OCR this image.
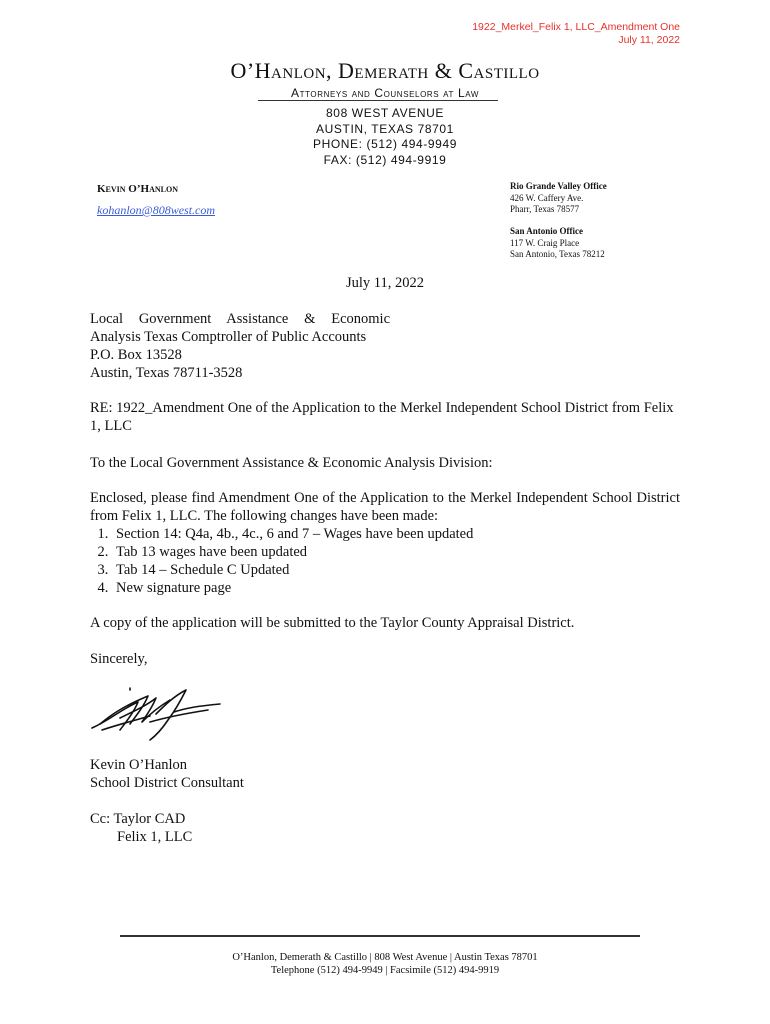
1922_Merkel_Felix 1, LLC_Amendment One
July 11, 2022
O’Hanlon, Demerath & Castillo
Attorneys and Counselors at Law
808 WEST AVENUE
AUSTIN, TEXAS 78701
PHONE: (512) 494-9949
FAX: (512) 494-9919
Kevin O’Hanlon
kohanlon@808west.com
Rio Grande Valley Office
426 W. Caffery Ave.
Pharr, Texas 78577
San Antonio Office
117 W. Craig Place
San Antonio, Texas 78212
July 11, 2022
Local Government Assistance & Economic
Analysis Texas Comptroller of Public Accounts
P.O. Box 13528
Austin, Texas 78711-3528
RE: 1922_Amendment One of the Application to the Merkel Independent School District from Felix 1, LLC
To the Local Government Assistance & Economic Analysis Division:
Enclosed, please find Amendment One of the Application to the Merkel Independent School District from Felix 1, LLC. The following changes have been made:
1. Section 14: Q4a, 4b., 4c., 6 and 7 – Wages have been updated
2. Tab 13 wages have been updated
3. Tab 14 – Schedule C Updated
4. New signature page
A copy of the application will be submitted to the Taylor County Appraisal District.
Sincerely,
Kevin O’Hanlon
School District Consultant
Cc: Taylor CAD
Felix 1, LLC
O’Hanlon, Demerath & Castillo | 808 West Avenue | Austin Texas 78701
Telephone (512) 494-9949 | Facsimile (512) 494-9919
